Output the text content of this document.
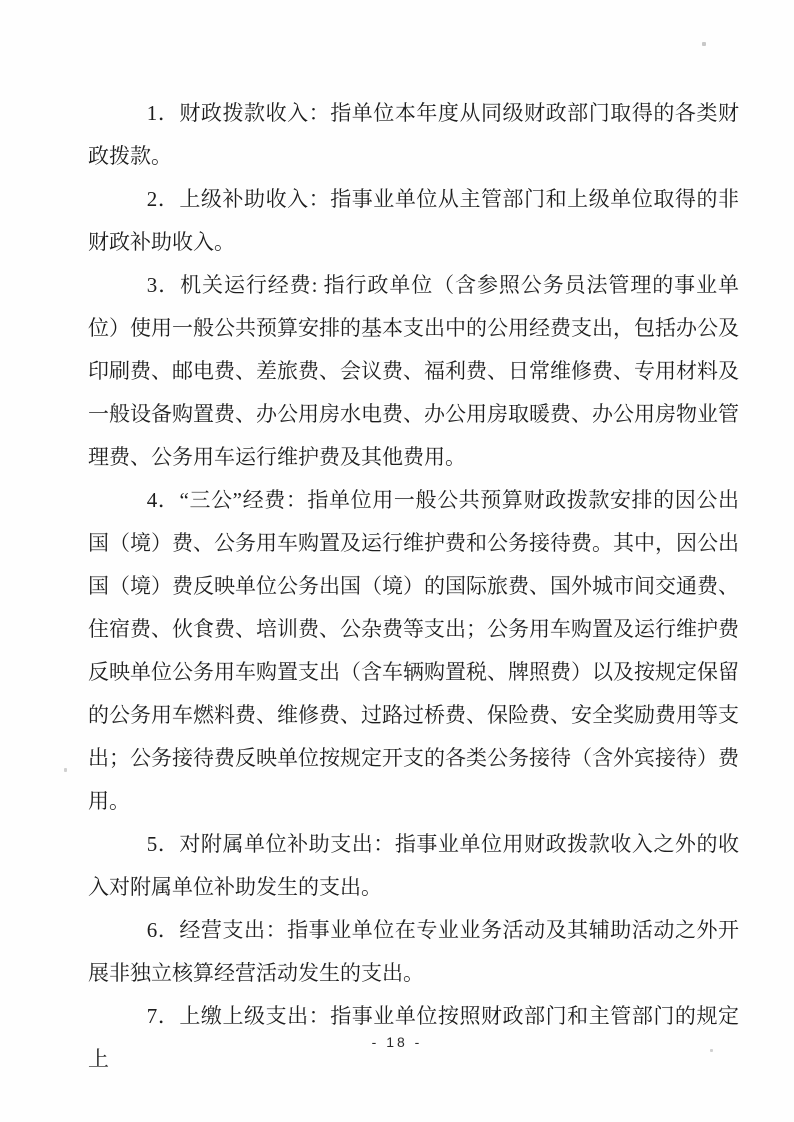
1．财政拨款收入：指单位本年度从同级财政部门取得的各类财政拨款。

2．上级补助收入：指事业单位从主管部门和上级单位取得的非财政补助收入。

3．机关运行经费: 指行政单位（含参照公务员法管理的事业单位）使用一般公共预算安排的基本支出中的公用经费支出，包括办公及印刷费、邮电费、差旅费、会议费、福利费、日常维修费、专用材料及一般设备购置费、办公用房水电费、办公用房取暖费、办公用房物业管理费、公务用车运行维护费及其他费用。

4．“三公”经费：指单位用一般公共预算财政拨款安排的因公出国（境）费、公务用车购置及运行维护费和公务接待费。其中，因公出国（境）费反映单位公务出国（境）的国际旅费、国外城市间交通费、住宿费、伙食费、培训费、公杂费等支出；公务用车购置及运行维护费反映单位公务用车购置支出（含车辆购置税、牌照费）以及按规定保留的公务用车燃料费、维修费、过路过桥费、保险费、安全奖励费用等支出；公务接待费反映单位按规定开支的各类公务接待（含外宾接待）费用。

5．对附属单位补助支出：指事业单位用财政拨款收入之外的收入对附属单位补助发生的支出。

6．经营支出：指事业单位在专业业务活动及其辅助活动之外开展非独立核算经营活动发生的支出。

7．上缴上级支出：指事业单位按照财政部门和主管部门的规定上

- 18 -
